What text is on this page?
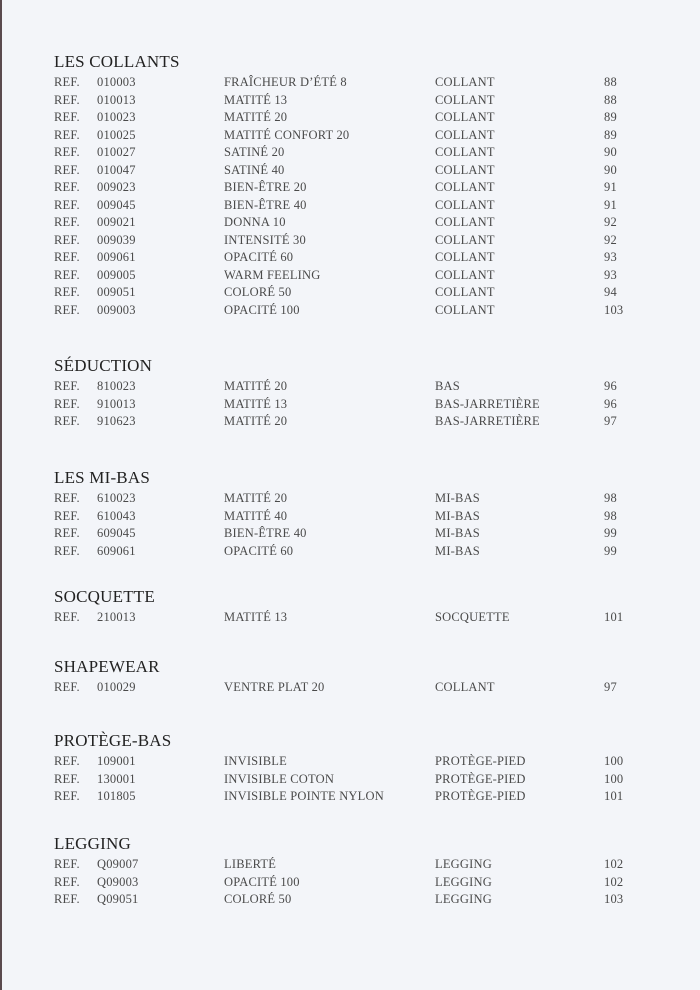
LES COLLANTS
REF. 010003	FRAÎCHEUR D’ÉTÉ 8	COLLANT	88
REF. 010013	MATITÉ 13	COLLANT	88
REF. 010023	MATITÉ 20	COLLANT	89
REF. 010025	MATITÉ CONFORT 20	COLLANT	89
REF. 010027	SATINÉ 20	COLLANT	90
REF. 010047	SATINÉ 40	COLLANT	90
REF. 009023	BIEN-ÊTRE 20	COLLANT	91
REF. 009045	BIEN-ÊTRE 40	COLLANT	91
REF. 009021	DONNA 10	COLLANT	92
REF. 009039	INTENSITÉ 30	COLLANT	92
REF. 009061	OPACITÉ 60	COLLANT	93
REF. 009005	WARM FEELING	COLLANT	93
REF. 009051	COLORÉ 50	COLLANT	94
REF. 009003	OPACITÉ 100	COLLANT	103
SÉDUCTION
REF. 810023	MATITÉ 20	BAS	96
REF. 910013	MATITÉ 13	BAS-JARRETIÈRE	96
REF. 910623	MATITÉ 20	BAS-JARRETIÈRE	97
LES MI-BAS
REF. 610023	MATITÉ 20	MI-BAS	98
REF. 610043	MATITÉ 40	MI-BAS	98
REF. 609045	BIEN-ÊTRE 40	MI-BAS	99
REF. 609061	OPACITÉ 60	MI-BAS	99
SOCQUETTE
REF. 210013	MATITÉ 13	SOCQUETTE	101
SHAPEWEAR
REF. 010029	VENTRE PLAT 20	COLLANT	97
PROTÈGE-BAS
REF. 109001	INVISIBLE	PROTÈGE-PIED	100
REF. 130001	INVISIBLE COTON	PROTÈGE-PIED	100
REF. 101805	INVISIBLE POINTE NYLON	PROTÈGE-PIED	101
LEGGING
REF. Q09007	LIBERTÉ	LEGGING	102
REF. Q09003	OPACITÉ 100	LEGGING	102
REF. Q09051	COLORÉ 50	LEGGING	103
